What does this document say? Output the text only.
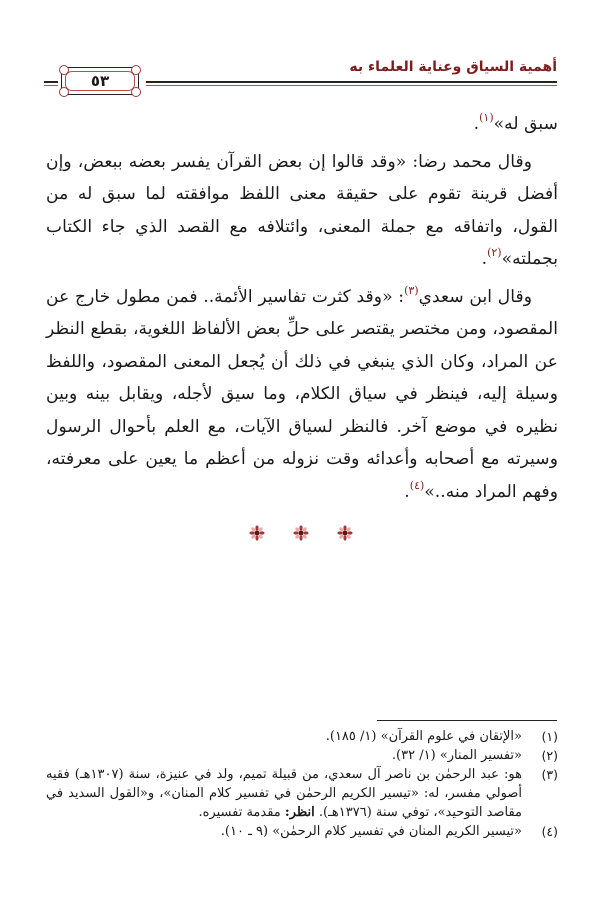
أهمية السياق وعناية العلماء به
٥٣

سبق له»$^{(١)}$.

وقال محمد رضا: «وقد قالوا إن بعض القرآن يفسر بعضه ببعض، وإن أفضل قرينة تقوم على حقيقة معنى اللفظ موافقته لما سبق له من القول، واتفاقه مع جملة المعنى، وائتلافه مع القصد الذي جاء الكتاب بجملته»$^{(٢)}$.

وقال ابن سعدي$^{(٣)}$: «وقد كثرت تفاسير الأئمة.. فمن مطول خارج عن المقصود، ومن مختصر يقتصر على حلِّ بعض الألفاظ اللغوية، بقطع النظر عن المراد، وكان الذي ينبغي في ذلك أن يُجعل المعنى المقصود، واللفظ وسيلة إليه، فينظر في سياق الكلام، وما سيق لأجله، ويقابل بينه وبين نظيره في موضع آخر. فالنظر لسياق الآيات، مع العلم بأحوال الرسول وسيرته مع أصحابه وأعدائه وقت نزوله من أعظم ما يعين على معرفته، وفهم المراد منه..»$^{(٤)}$.

(١)
«الإتقان في علوم القرآن» (١/ ١٨٥).
(٢)
«تفسير المنار» (١/ ٣٢).
(٣)
هو: عبد الرحمٰن بن ناصر آل سعدي، من قبيلة تميم، ولد في عنيزة، سنة (١٣٠٧هـ) فقيه أصولي مفسر، له: «تيسير الكريم الرحمٰن في تفسير كلام المنان»، و«القول السديد في مقاصد التوحيد»، توفي سنة (١٣٧٦هـ). انظر: مقدمة تفسيره.
(٤)
«تيسير الكريم المنان في تفسير كلام الرحمٰن» (٩ ـ ١٠).
